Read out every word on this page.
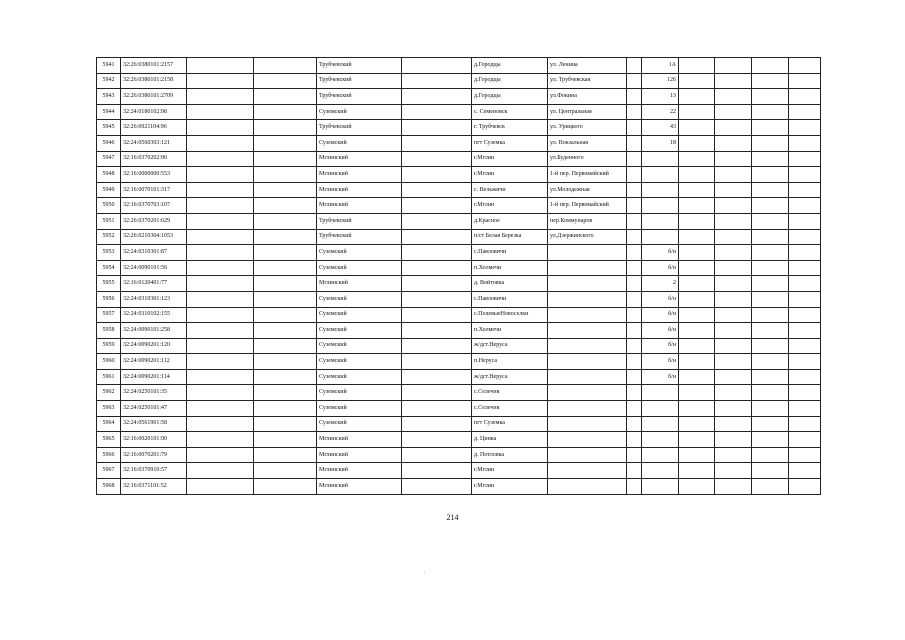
5941	32:26:0380101:2157			Трубчевский		д.Городцы	ул. Ленина		1А				
5942	32:26:0380101:2158			Трубчевский		д.Городцы	ул. Трубчевская		126				
5943	32:26:0380101:2709			Трубчевский		д.Городцы	ул.Фокина		13				
5944	32:24:0180102:98			Суземский		с. Семеновск	ул. Центральная		22				
5945	32:26:0921104:96			Трубчевский		г. Трубчевск	ул. Урицкого		43				
5946	32:24:0560303:121			Суземский		пгт Суземка	ул. Вокзальная		18				
5947	32:16:0370202:90			Мглинский		г.Мглин	ул.Буденного						
5948	32:16:0000000:553			Мглинский		г.Мглин	1-й пер. Первомайский						
5949	32:16:0070101:317			Мглинский		с. Вельжичи	ул.Молодежная						
5950	32:16:0370703:107			Мглинский		г.Мглин	1-й пер. Первомайский						
5951	32:26:0370201:629			Трубчевский		д.Красное	пер.Коммунаров						
5952	32:26:0210304:1053			Трубчевский		п/ст Белая Березка	ул.Дзержинского						
5953	32:24:0310301:87			Суземский		с.Павловичи			б/н				
5954	32:24:0090101:56			Суземский		п.Холмечи			б/н				
5955	32:16:0120401:77			Мглинский		д. Войтовка			2				
5956	32:24:0310301:123			Суземский		с.Павловичи			б/н				
5957	32:24:0310102:155			Суземский		с.ПолевыеНовоселки			б/н				
5958	32:24:0090101:258			Суземский		п.Холмечи			б/н				
5959	32:24:0090201:120			Суземский		ж/дст.Неруса			б/н				
5960	32:24:0090201:112			Суземский		п.Неруса			б/н				
5961	32:24:0090201:114			Суземский		ж/дст.Неруса			б/н				
5962	32:24:0250101:35			Суземский		с.Селечня							
5963	32:24:0250101:47			Суземский		с.Селечня							
5964	32:24:0561901:58			Суземский		пгт Суземка							
5965	32:16:0020101:90			Мглинский		д. Цинка							
5966	32:16:0070201:79			Мглинский		д. Потловка							
5967	32:16:0370910:57			Мглинский		г.Мглин							
5968	32:16:0371101:52			Мглинский		г.Мглин							
214
